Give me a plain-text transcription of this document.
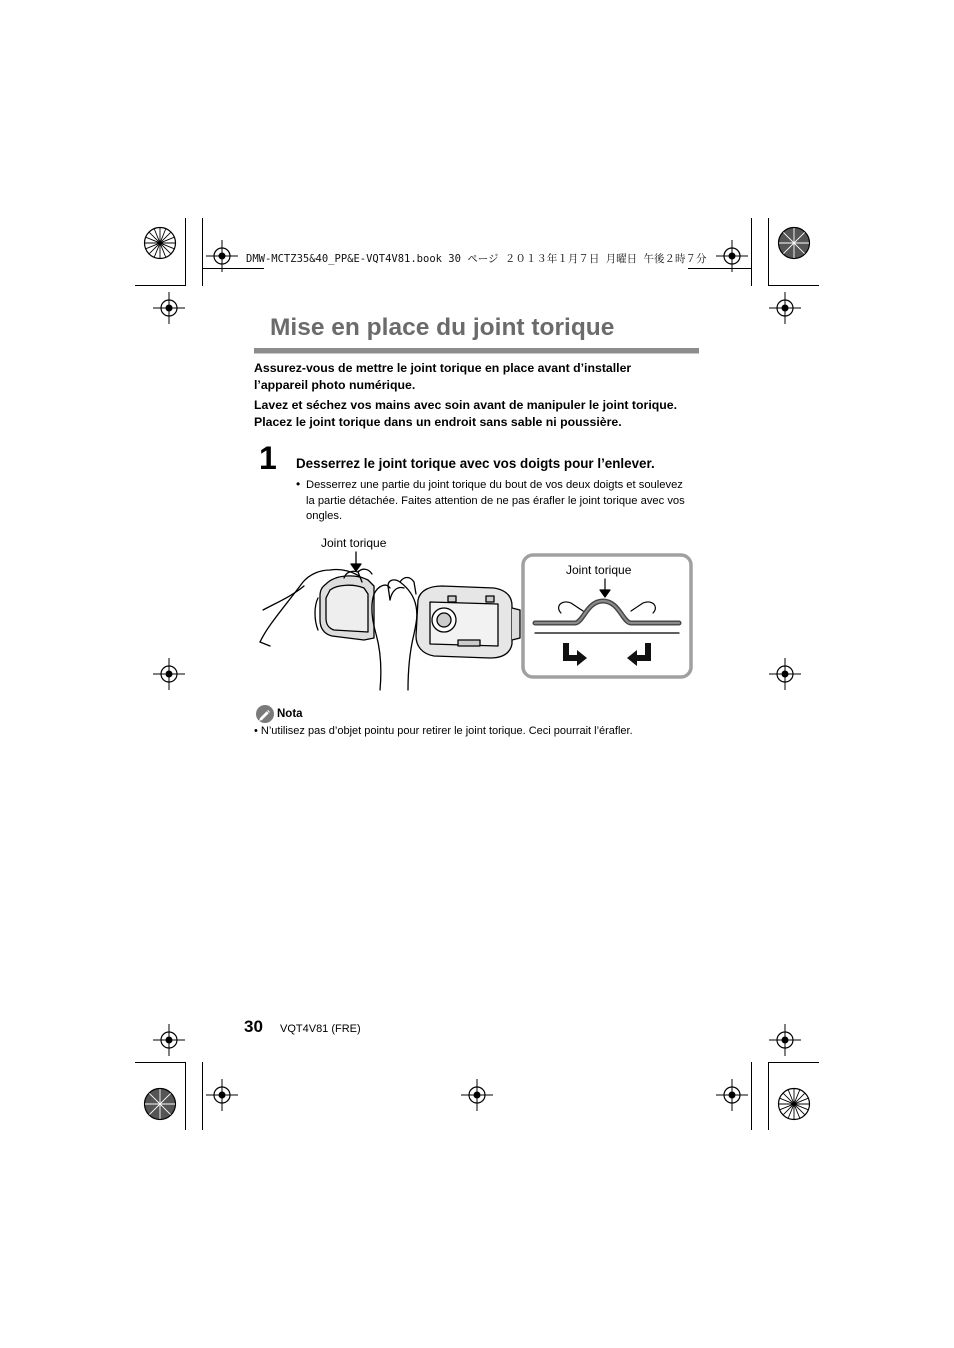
DMW-MCTZ35&40_PP&E-VQT4V81.book 30 ページ ２０１３年１月７日 月曜日 午後２時７分
Mise en place du joint torique
Assurez-vous de mettre le joint torique en place avant d’installer
l’appareil photo numérique.
Lavez et séchez vos mains avec soin avant de manipuler le joint torique.
Placez le joint torique dans un endroit sans sable ni poussière.
1 Desserrez le joint torique avec vos doigts pour l’enlever.
• Desserrez une partie du joint torique du bout de vos deux doigts et soulevez la partie détachée. Faites attention de ne pas érafler le joint torique avec vos ongles.
Joint torique
Joint torique
Nota
• N’utilisez pas d’objet pointu pour retirer le joint torique. Ceci pourrait l’érafler.
30 VQT4V81 (FRE)
